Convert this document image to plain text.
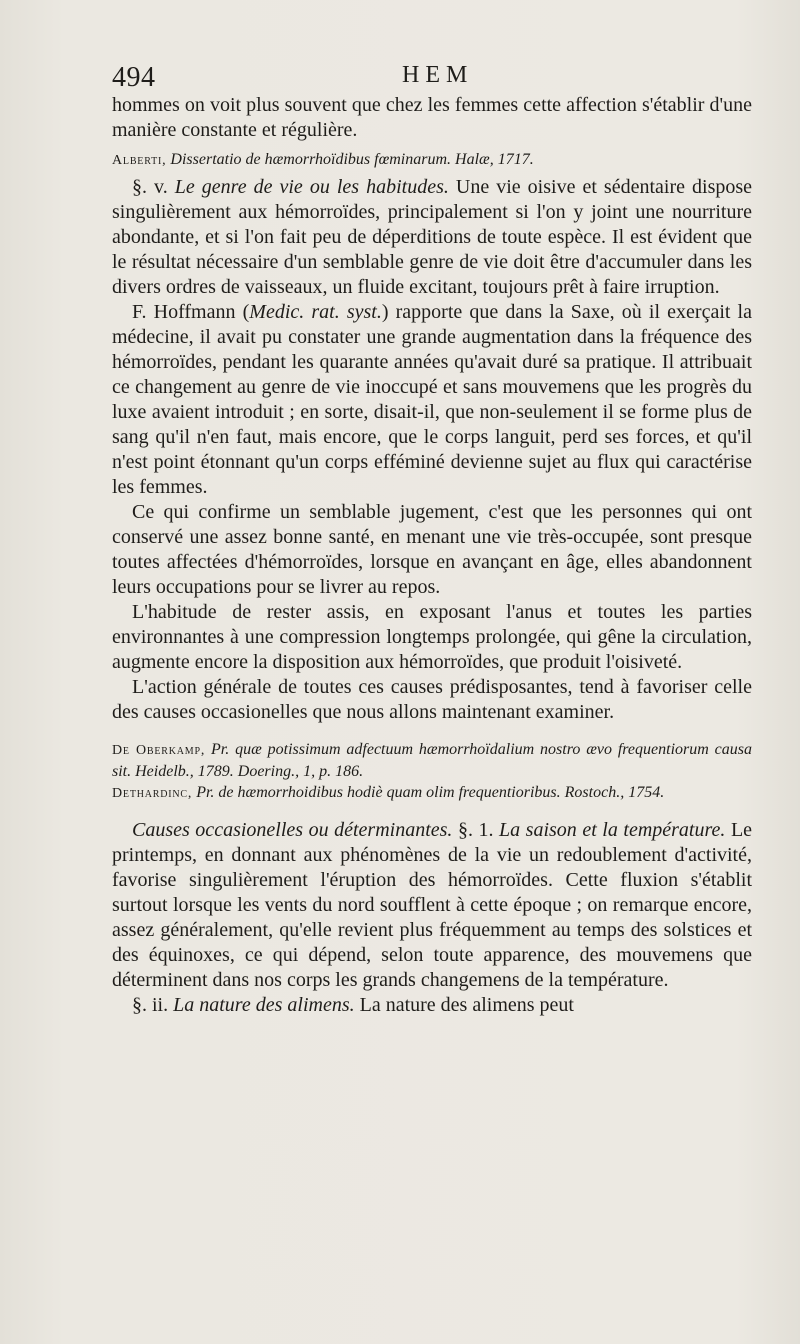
494	HEM

hommes on voit plus souvent que chez les femmes cette affection s'établir d'une manière constante et régulière.

Alberti, Dissertatio de hæmorrhoïdibus fœminarum. Halæ, 1717.

§. v. Le genre de vie ou les habitudes. Une vie oisive et sédentaire dispose singulièrement aux hémorroïdes, principalement si l'on y joint une nourriture abondante, et si l'on fait peu de déperditions de toute espèce. Il est évident que le résultat nécessaire d'un semblable genre de vie doit être d'accumuler dans les divers ordres de vaisseaux, un fluide excitant, toujours prêt à faire irruption.

F. Hoffmann (Medic. rat. syst.) rapporte que dans la Saxe, où il exerçait la médecine, il avait pu constater une grande augmentation dans la fréquence des hémorroïdes, pendant les quarante années qu'avait duré sa pratique. Il attribuait ce changement au genre de vie inoccupé et sans mouvemens que les progrès du luxe avaient introduit ; en sorte, disait-il, que non-seulement il se forme plus de sang qu'il n'en faut, mais encore, que le corps languit, perd ses forces, et qu'il n'est point étonnant qu'un corps efféminé devienne sujet au flux qui caractérise les femmes.

Ce qui confirme un semblable jugement, c'est que les personnes qui ont conservé une assez bonne santé, en menant une vie très-occupée, sont presque toutes affectées d'hémorroïdes, lorsque en avançant en âge, elles abandonnent leurs occupations pour se livrer au repos.

L'habitude de rester assis, en exposant l'anus et toutes les parties environnantes à une compression longtemps prolongée, qui gêne la circulation, augmente encore la disposition aux hémorroïdes, que produit l'oisiveté.

L'action générale de toutes ces causes prédisposantes, tend à favoriser celle des causes occasionelles que nous allons maintenant examiner.

De Oberkamp, Pr. quæ potissimum adfectuum hæmorrhoïdalium nostro ævo frequentiorum causa sit. Heidelb., 1789. Doering., 1, p. 186.

Dethardinc, Pr. de hæmorrhoidibus hodiè quam olim frequentioribus. Rostoch., 1754.

Causes occasionelles ou déterminantes. §. 1. La saison et la température. Le printemps, en donnant aux phénomènes de la vie un redoublement d'activité, favorise singulièrement l'éruption des hémorroïdes. Cette fluxion s'établit surtout lorsque les vents du nord soufflent à cette époque ; on remarque encore, assez généralement, qu'elle revient plus fréquemment au temps des solstices et des équinoxes, ce qui dépend, selon toute apparence, des mouvemens que déterminent dans nos corps les grands changemens de la température.

§. ii. La nature des alimens. La nature des alimens peut
